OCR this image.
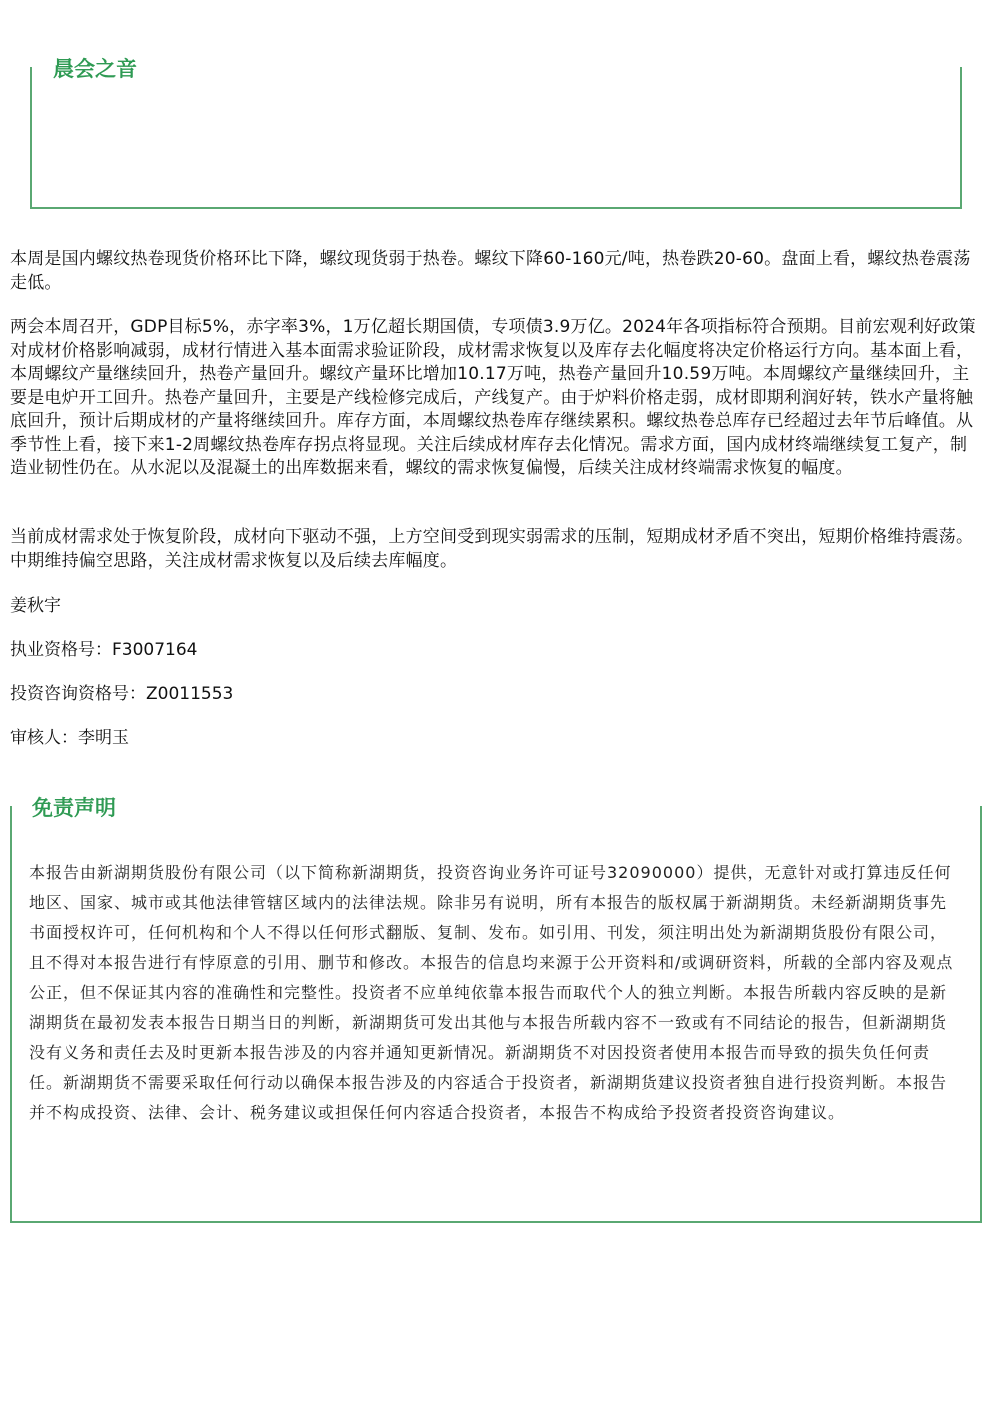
晨会之音

本周是国内螺纹热卷现货价格环比下降，螺纹现货弱于热卷。螺纹下降60-160元/吨，热卷跌20-60。盘面上看，螺纹热卷震荡走低。

两会本周召开，GDP目标5%，赤字率3%，1万亿超长期国债，专项债3.9万亿。2024年各项指标符合预期。目前宏观利好政策对成材价格影响减弱，成材行情进入基本面需求验证阶段，成材需求恢复以及库存去化幅度将决定价格运行方向。基本面上看，本周螺纹产量继续回升，热卷产量回升。螺纹产量环比增加10.17万吨，热卷产量回升10.59万吨。本周螺纹产量继续回升，主要是电炉开工回升。热卷产量回升，主要是产线检修完成后，产线复产。由于炉料价格走弱，成材即期利润好转，铁水产量将触底回升，预计后期成材的产量将继续回升。库存方面，本周螺纹热卷库存继续累积。螺纹热卷总库存已经超过去年节后峰值。从季节性上看，接下来1-2周螺纹热卷库存拐点将显现。关注后续成材库存去化情况。需求方面，国内成材终端继续复工复产，制造业韧性仍在。从水泥以及混凝土的出库数据来看，螺纹的需求恢复偏慢，后续关注成材终端需求恢复的幅度。

当前成材需求处于恢复阶段，成材向下驱动不强，上方空间受到现实弱需求的压制，短期成材矛盾不突出，短期价格维持震荡。中期维持偏空思路，关注成材需求恢复以及后续去库幅度。

姜秋宇

执业资格号：F3007164

投资咨询资格号：Z0011553

审核人：李明玉

免责声明

本报告由新湖期货股份有限公司（以下简称新湖期货，投资咨询业务许可证号32090000）提供，无意针对或打算违反任何地区、国家、城市或其他法律管辖区域内的法律法规。除非另有说明，所有本报告的版权属于新湖期货。未经新湖期货事先书面授权许可，任何机构和个人不得以任何形式翻版、复制、发布。如引用、刊发，须注明出处为新湖期货股份有限公司，且不得对本报告进行有悖原意的引用、删节和修改。本报告的信息均来源于公开资料和/或调研资料，所载的全部内容及观点公正，但不保证其内容的准确性和完整性。投资者不应单纯依靠本报告而取代个人的独立判断。本报告所载内容反映的是新湖期货在最初发表本报告日期当日的判断，新湖期货可发出其他与本报告所载内容不一致或有不同结论的报告，但新湖期货没有义务和责任去及时更新本报告涉及的内容并通知更新情况。新湖期货不对因投资者使用本报告而导致的损失负任何责任。新湖期货不需要采取任何行动以确保本报告涉及的内容适合于投资者，新湖期货建议投资者独自进行投资判断。本报告并不构成投资、法律、会计、税务建议或担保任何内容适合投资者，本报告不构成给予投资者投资咨询建议。
